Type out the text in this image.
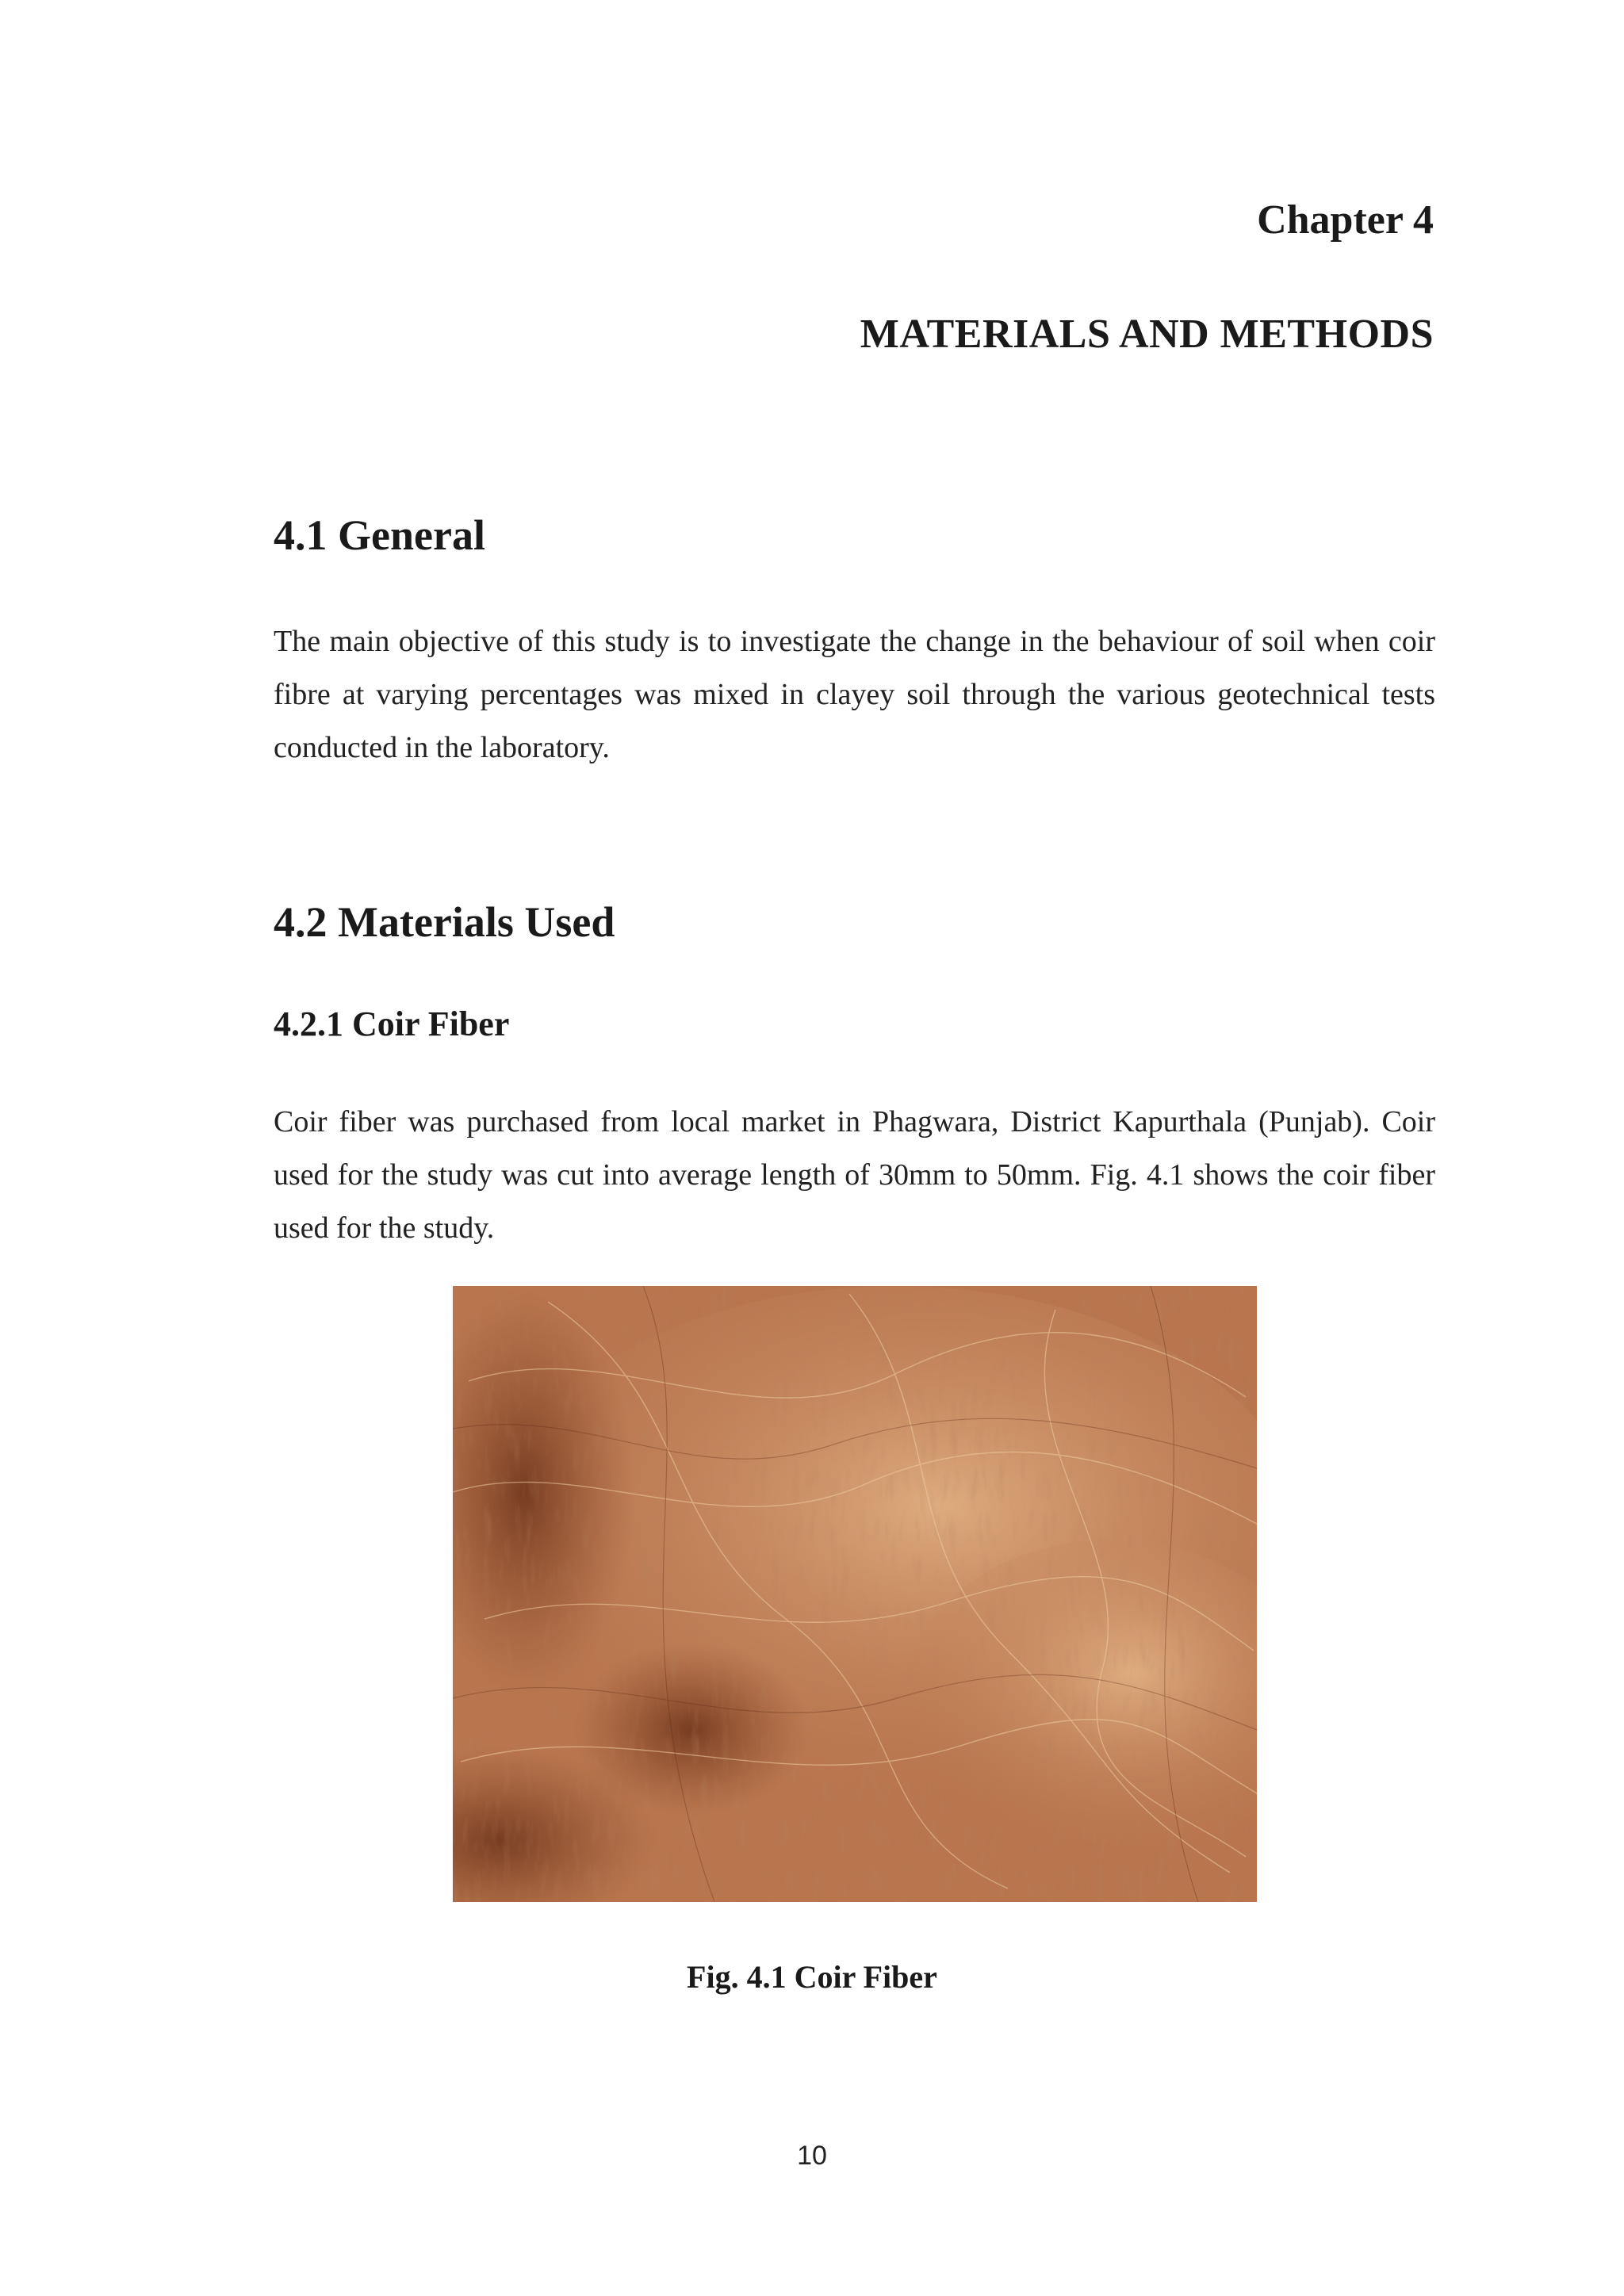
Chapter 4
MATERIALS AND METHODS
4.1 General
The main objective of this study is to investigate the change in the behaviour of soil when coir fibre at varying percentages was mixed in clayey soil through the various geotechnical tests conducted in the laboratory.
4.2 Materials Used
4.2.1 Coir Fiber
Coir fiber was purchased from local market in Phagwara, District Kapurthala (Punjab). Coir used for the study was cut into average length of 30mm to 50mm. Fig. 4.1 shows the coir fiber used for the study.
Fig. 4.1 Coir Fiber
10
